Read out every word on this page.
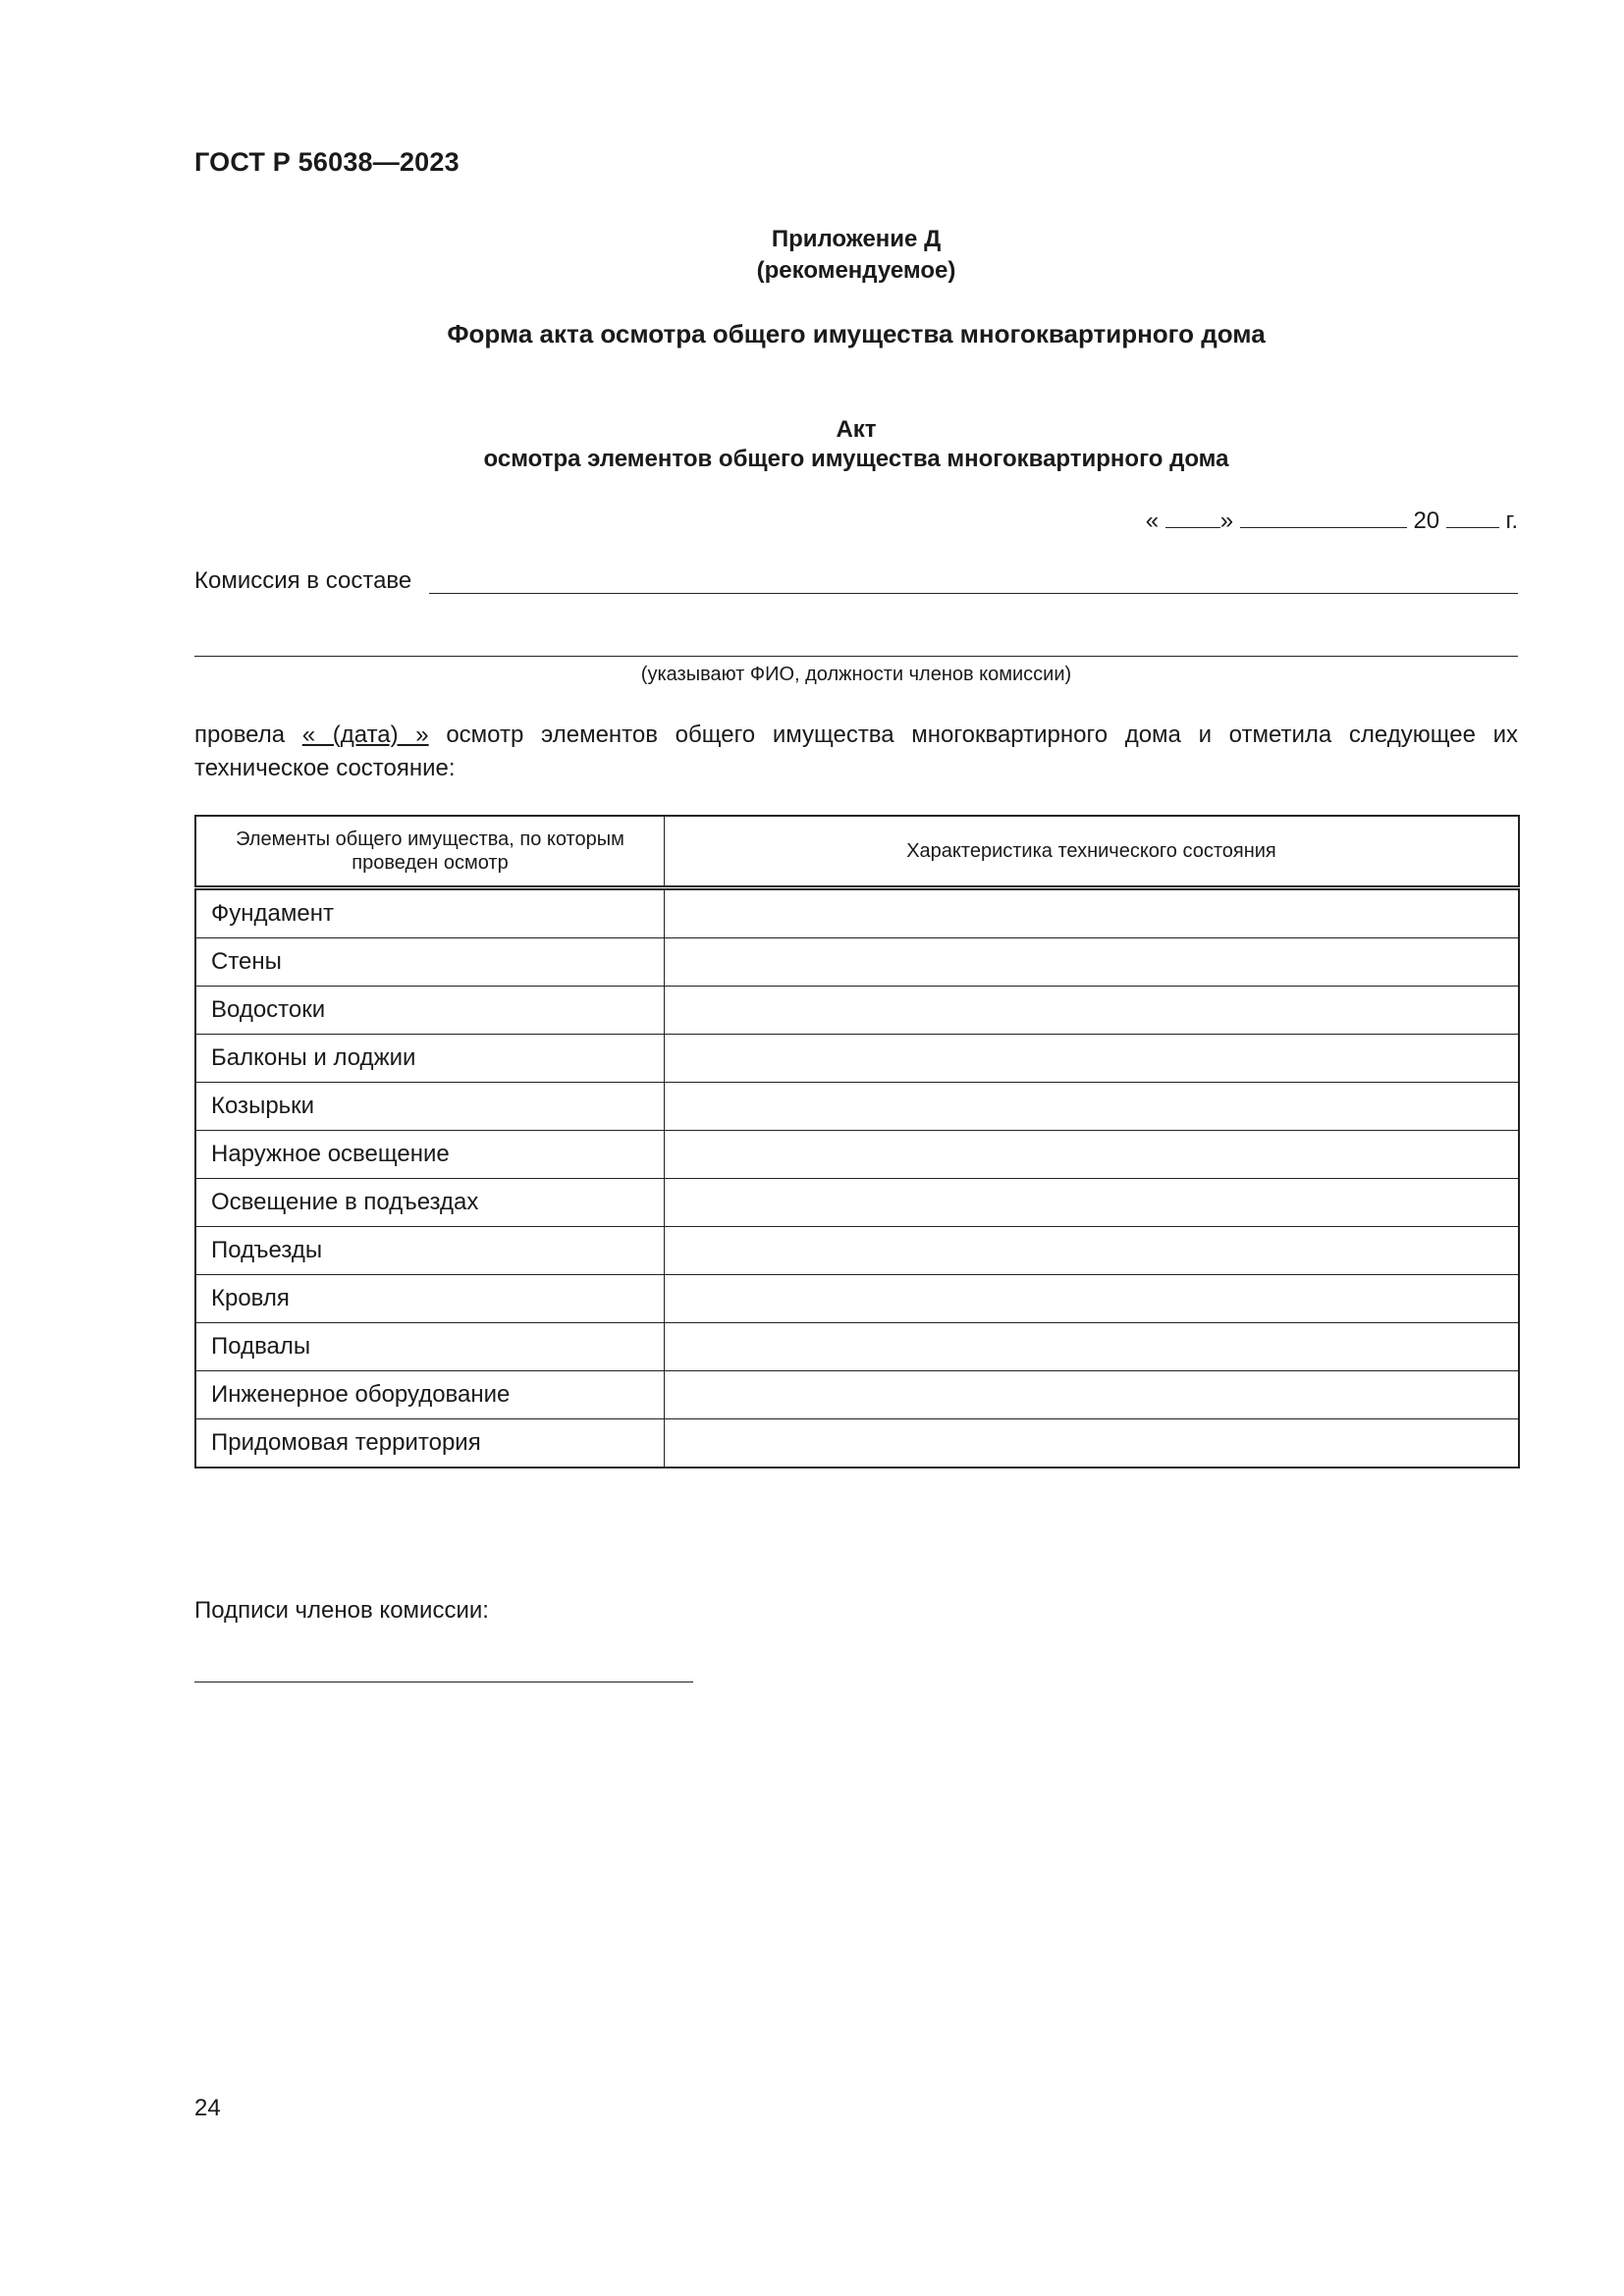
ГОСТ Р 56038—2023
Приложение Д
(рекомендуемое)
Форма акта осмотра общего имущества многоквартирного дома
Акт
осмотра элементов общего имущества многоквартирного дома
«	»	20	г.
Комиссия в составе
(указывают ФИО, должности членов комиссии)
провела « (дата) » осмотр элементов общего имущества многоквартирного дома и отметила следующее их техническое состояние:
Элементы общего имущества, по которым проведен осмотр	Характеристика технического состояния
Фундамент	
Стены	
Водостоки	
Балконы и лоджии	
Козырьки	
Наружное освещение	
Освещение в подъездах	
Подъезды	
Кровля	
Подвалы	
Инженерное оборудование	
Придомовая территория	
Подписи членов комиссии:
24
